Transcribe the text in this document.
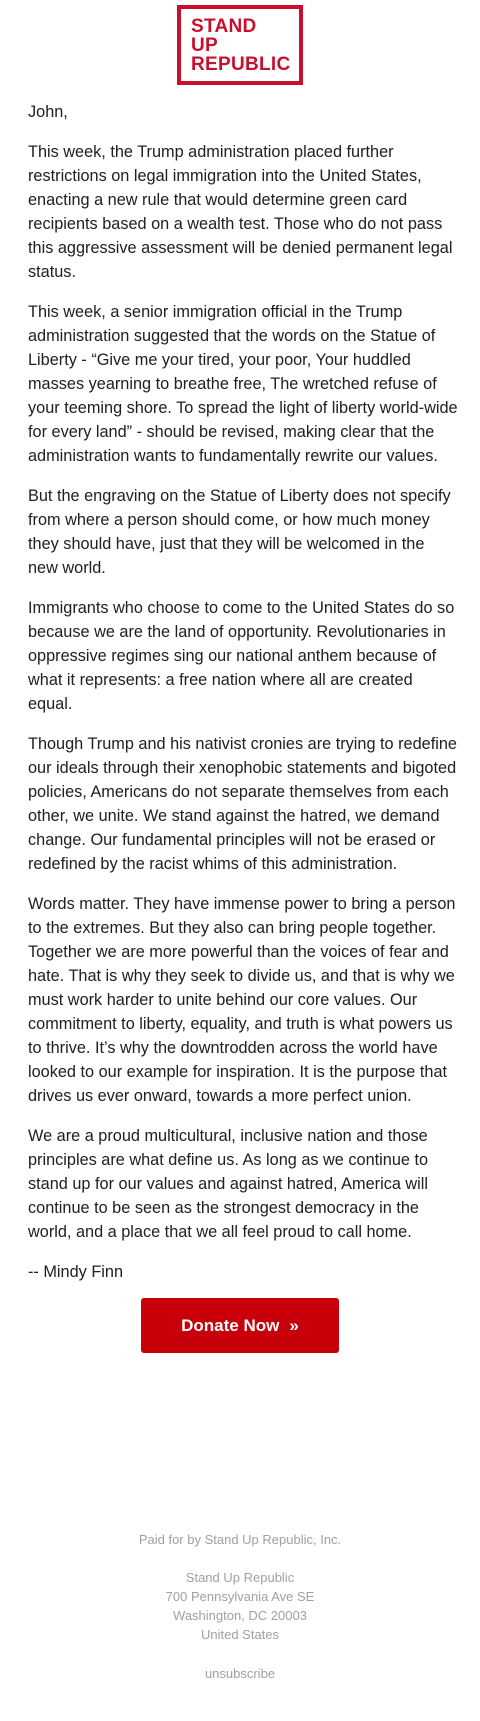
STAND
UP
REPUBLIC

John,

This week, the Trump administration placed further restrictions on legal immigration into the United States, enacting a new rule that would determine green card recipients based on a wealth test. Those who do not pass this aggressive assessment will be denied permanent legal status.

This week, a senior immigration official in the Trump administration suggested that the words on the Statue of Liberty - “Give me your tired, your poor, Your huddled masses yearning to breathe free, The wretched refuse of your teeming shore. To spread the light of liberty world-wide for every land” - should be revised, making clear that the administration wants to fundamentally rewrite our values.

But the engraving on the Statue of Liberty does not specify from where a person should come, or how much money they should have, just that they will be welcomed in the new world.

Immigrants who choose to come to the United States do so because we are the land of opportunity. Revolutionaries in oppressive regimes sing our national anthem because of what it represents: a free nation where all are created equal.

Though Trump and his nativist cronies are trying to redefine our ideals through their xenophobic statements and bigoted policies, Americans do not separate themselves from each other, we unite. We stand against the hatred, we demand change. Our fundamental principles will not be erased or redefined by the racist whims of this administration.

Words matter. They have immense power to bring a person to the extremes. But they also can bring people together. Together we are more powerful than the voices of fear and hate. That is why they seek to divide us, and that is why we must work harder to unite behind our core values. Our commitment to liberty, equality, and truth is what powers us to thrive. It’s why the downtrodden across the world have looked to our example for inspiration. It is the purpose that drives us ever onward, towards a more perfect union.

We are a proud multicultural, inclusive nation and those principles are what define us. As long as we continue to stand up for our values and against hatred, America will continue to be seen as the strongest democracy in the world, and a place that we all feel proud to call home.

-- Mindy Finn

Donate Now »
Paid for by Stand Up Republic, Inc.
Stand Up Republic
700 Pennsylvania Ave SE
Washington, DC 20003
United States
unsubscribe
